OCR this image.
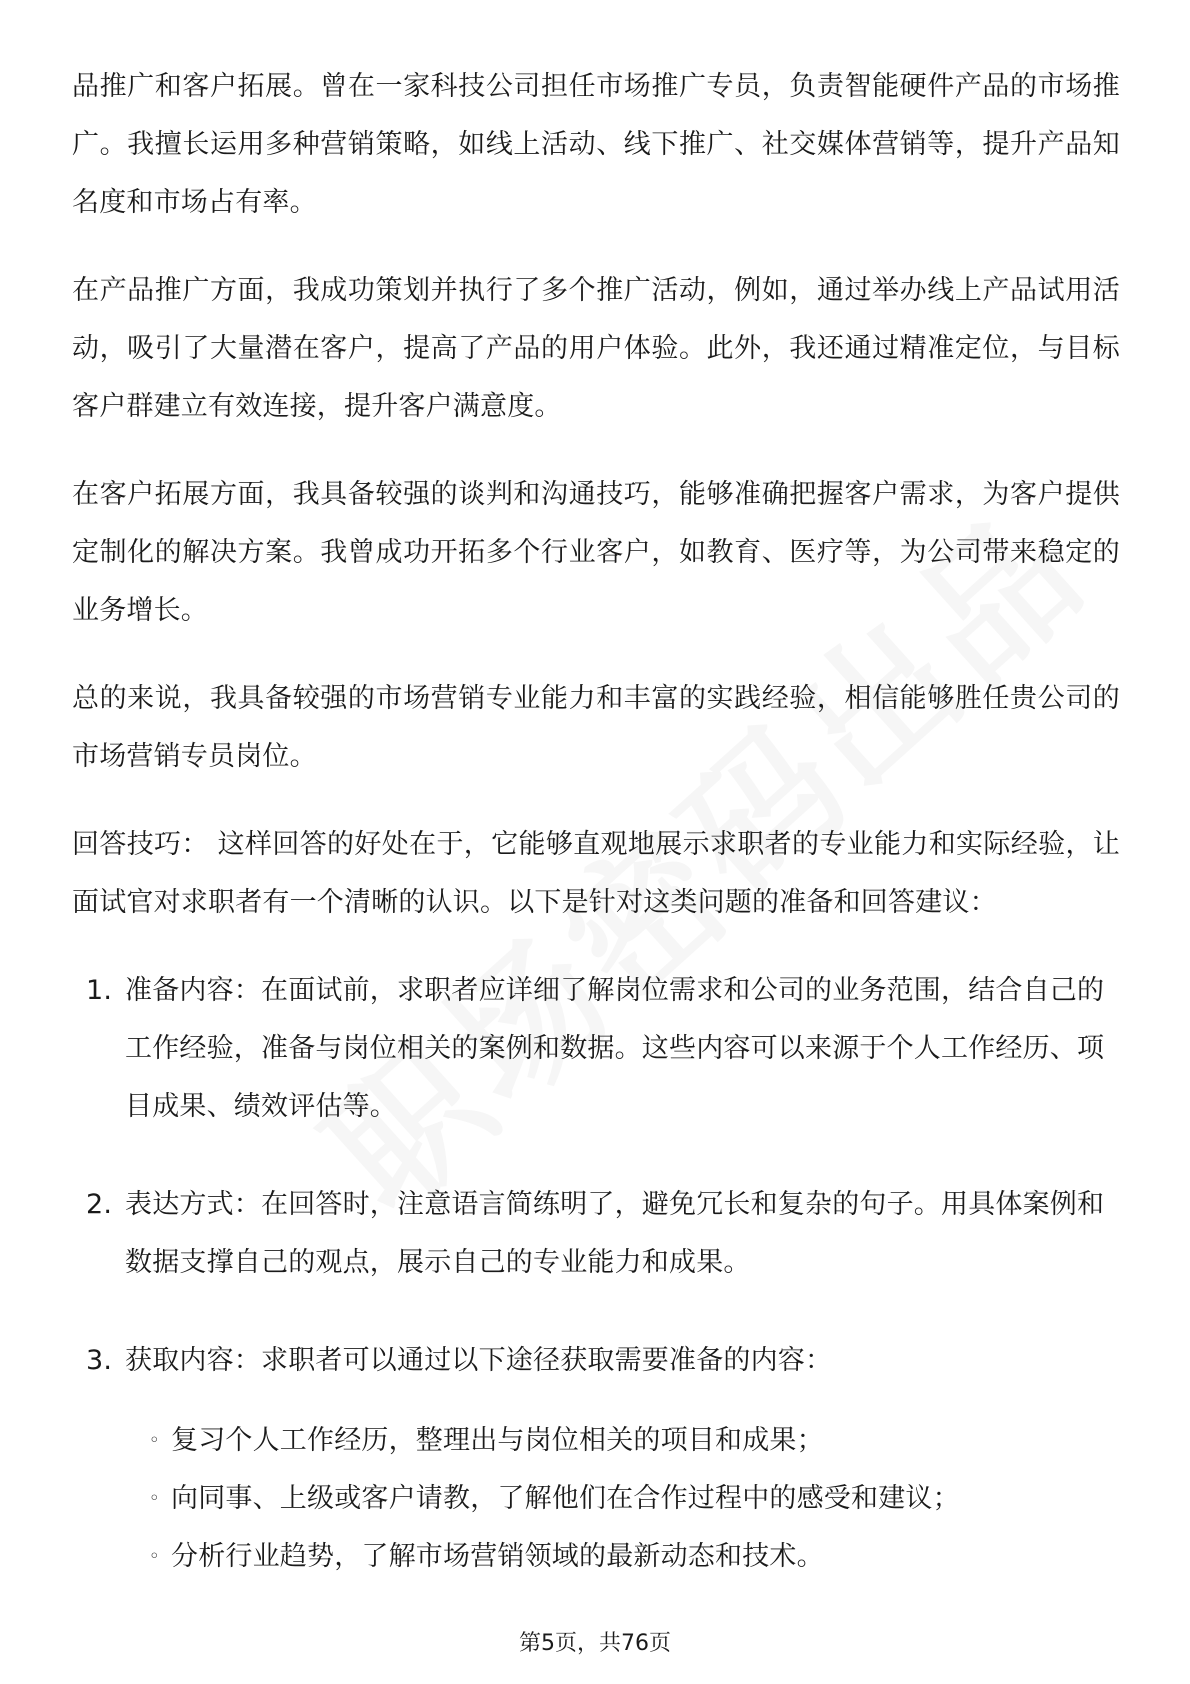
品推广和客户拓展。曾在一家科技公司担任市场推广专员，负责智能硬件产品的市场推广。我擅长运用多种营销策略，如线上活动、线下推广、社交媒体营销等，提升产品知名度和市场占有率。

在产品推广方面，我成功策划并执行了多个推广活动，例如，通过举办线上产品试用活动，吸引了大量潜在客户，提高了产品的用户体验。此外，我还通过精准定位，与目标客户群建立有效连接，提升客户满意度。

在客户拓展方面，我具备较强的谈判和沟通技巧，能够准确把握客户需求，为客户提供定制化的解决方案。我曾成功开拓多个行业客户，如教育、医疗等，为公司带来稳定的业务增长。

总的来说，我具备较强的市场营销专业能力和丰富的实践经验，相信能够胜任贵公司的市场营销专员岗位。

回答技巧： 这样回答的好处在于，它能够直观地展示求职者的专业能力和实际经验，让面试官对求职者有一个清晰的认识。以下是针对这类问题的准备和回答建议：

1. 准备内容：在面试前，求职者应详细了解岗位需求和公司的业务范围，结合自己的工作经验，准备与岗位相关的案例和数据。这些内容可以来源于个人工作经历、项目成果、绩效评估等。
2. 表达方式：在回答时，注意语言简练明了，避免冗长和复杂的句子。用具体案例和数据支撑自己的观点，展示自己的专业能力和成果。
3. 获取内容：求职者可以通过以下途径获取需要准备的内容：
◦ 复习个人工作经历，整理出与岗位相关的项目和成果；
◦ 向同事、上级或客户请教，了解他们在合作过程中的感受和建议；
◦ 分析行业趋势，了解市场营销领域的最新动态和技术。
第5页，共76页
